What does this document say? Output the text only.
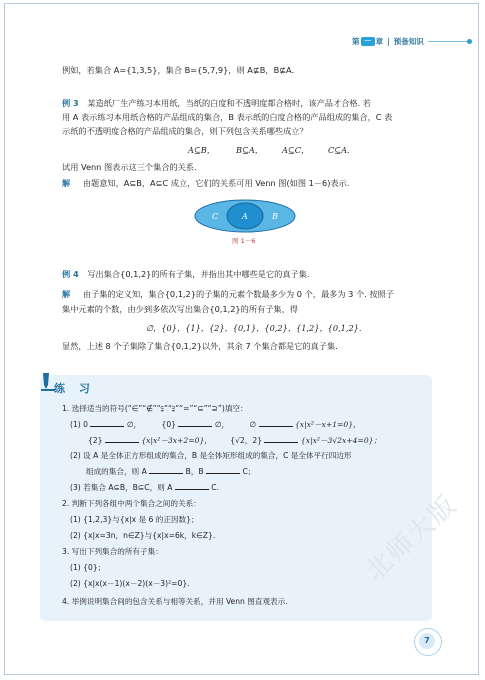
第 一 章 | 预备知识
例如，若集合 A={1,3,5}，集合 B={5,7,9}，则 A⊈B，B⊈A.
例 3 某造纸厂生产练习本用纸，当纸的白度和不透明度都合格时，该产品才合格. 若
用 A 表示练习本用纸合格的产品组成的集合，B 表示纸的白度合格的产品组成的集合，C 表
示纸的不透明度合格的产品组成的集合，则下列包含关系哪些成立？
A⊆B，	B⊆A， A⊆C， C⊆A.
试用 Venn 图表示这三个集合的关系.
解 由题意知，A⊆B，A⊆C 成立，它们的关系可用 Venn 图(如图 1－6)表示.
C	A	B
图 1－6
例 4 写出集合{0,1,2}的所有子集，并指出其中哪些是它的真子集.
解 由子集的定义知，集合{0,1,2}的子集的元素个数最多少为 0 个，最多为 3 个. 按照子
集中元素的个数，由少到多依次写出集合{0,1,2}的所有子集，得
∅，{0}，{1}，{2}，{0,1}，{0,2}，{1,2}，{0,1,2}.
显然，上述 8 个子集除了集合{0,1,2}以外，其余 7 个集合都是它的真子集.
练 习
1. 选择适当的符号(“∈”“∉”“⫋”“⫌”“=”“⊆”“⊇”)填空：
(1) 0	∅，	{0}	∅，	∅	{x|x²－x+1=0}，
{2}	{x|x²－3x+2=0}， {√2，2}	{x|x²－3√2x+4=0}；
(2) 设 A 是全体正方形组成的集合，B 是全体矩形组成的集合，C 是全体平行四边形
组成的集合，则 A	B，B	C；
(3) 若集合 A⊆B，B⊆C，则 A	C.
2. 判断下列各组中两个集合之间的关系：
(1) {1,2,3}与{x|x 是 6 的正因数}；
(2) {x|x=3n，n∈Z}与{x|x=6k，k∈Z}.
3. 写出下列集合的所有子集：
(1) {0}；
(2) {x|x(x－1)(x－2)(x－3)²=0}.
4. 举例说明集合间的包含关系与相等关系，并用 Venn 图直观表示.
北师大版
7
